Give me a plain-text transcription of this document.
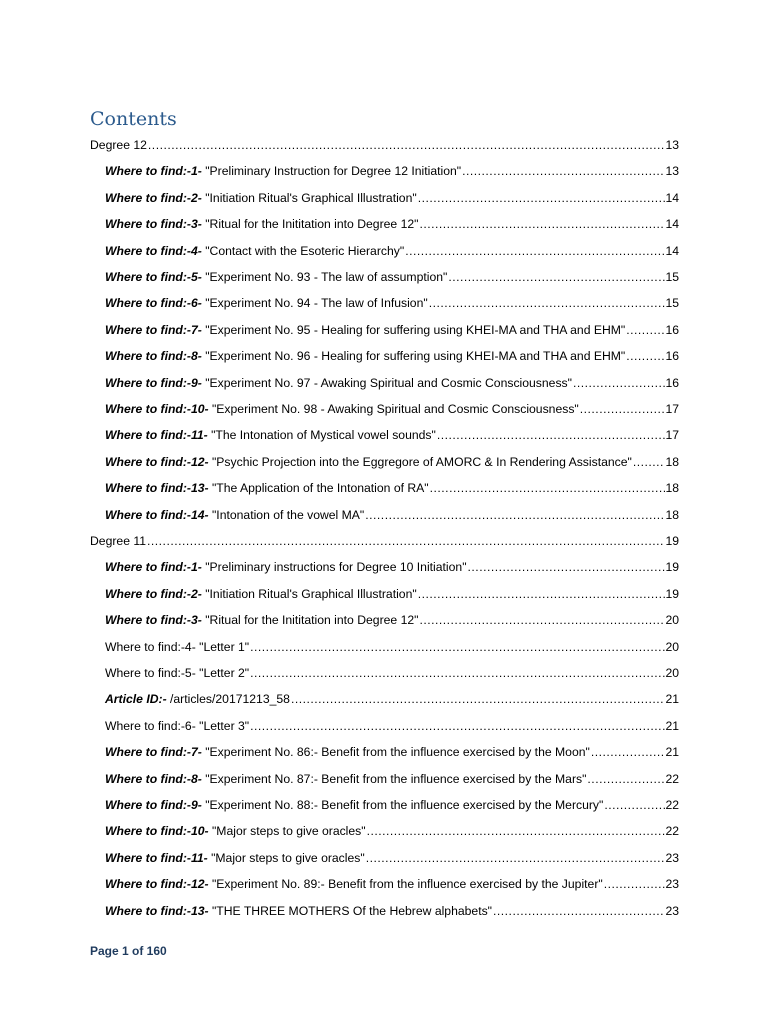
Contents
Degree 12 .....	13
Where to find:-1- "Preliminary Instruction for Degree 12 Initiation" .....	13
Where to find:-2- "Initiation Ritual's Graphical Illustration" .....	14
Where to find:-3- "Ritual for the Inititation into Degree 12" .....	14
Where to find:-4- "Contact with the Esoteric Hierarchy" .....	14
Where to find:-5- "Experiment No. 93 - The law of assumption" .....	15
Where to find:-6- "Experiment No. 94 - The law of Infusion" .....	15
Where to find:-7- "Experiment No. 95 - Healing for suffering using KHEI-MA and THA and EHM" .....	16
Where to find:-8- "Experiment No. 96 - Healing for suffering using KHEI-MA and THA and EHM" .....	16
Where to find:-9- "Experiment No. 97 - Awaking Spiritual and Cosmic Consciousness" .....	16
Where to find:-10- "Experiment No. 98 - Awaking Spiritual and Cosmic Consciousness" .....	17
Where to find:-11- "The Intonation of Mystical vowel sounds" .....	17
Where to find:-12- "Psychic Projection into the Eggregore of AMORC & In Rendering Assistance" .....	18
Where to find:-13- "The Application of the Intonation of RA" .....	18
Where to find:-14- "Intonation of the vowel MA" .....	18
Degree 11 .....	19
Where to find:-1- "Preliminary instructions for Degree 10 Initiation" .....	19
Where to find:-2- "Initiation Ritual's Graphical Illustration" .....	19
Where to find:-3- "Ritual for the Inititation into Degree 12" .....	20
Where to find:-4- "Letter 1" .....	20
Where to find:-5- "Letter 2" .....	20
Article ID:- /articles/20171213_58 .....	21
Where to find:-6- "Letter 3" .....	21
Where to find:-7- "Experiment No. 86:- Benefit from the influence exercised by the Moon" .....	21
Where to find:-8- "Experiment No. 87:- Benefit from the influence exercised by the Mars" .....	22
Where to find:-9- "Experiment No. 88:- Benefit from the influence exercised by the Mercury" .....	22
Where to find:-10- "Major steps to give oracles" .....	22
Where to find:-11- "Major steps to give oracles" .....	23
Where to find:-12- "Experiment No. 89:- Benefit from the influence exercised by the Jupiter" .....	23
Where to find:-13- "THE THREE MOTHERS Of the Hebrew alphabets" .....	23
Page 1 of 160
